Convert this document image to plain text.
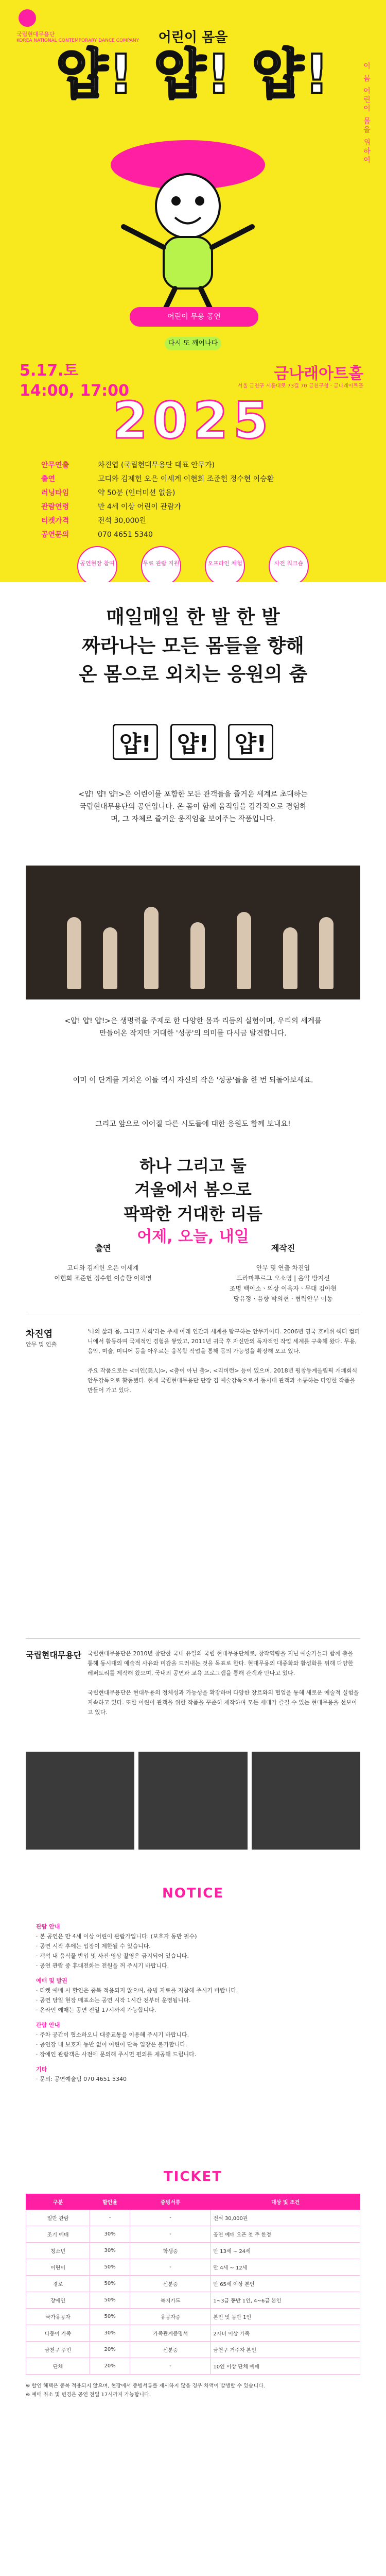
국립현대무용단
KOREA NATIONAL CONTEMPORARY DANCE COMPANY	어린이 몸을
얍! 얍! 얍!	이 봄 어린이 몸을 위하여
어린이 무용 공연
다시 또 깨어나다
5.17.토
14:00, 17:00
금나래아트홀
서울 금천구 시흥대로 73길 70 금천구청 · 금나래아트홀
2025
안무연출	차진엽 (국립현대무용단 대표 안무가)
출연	고디와 김제헌 오은 이세계 이현희 조준헌 정수현 이승환
러닝타임	약 50분 (인터미션 없음)
관람연령	만 4세 이상 어린이 관람가
티켓가격	전석 30,000원
공연문의	070 4651 5340
공연현장 참여	무료 관람 지원	오프라인 체험	사전 워크숍
매일매일 한 발 한 발
짜라나는 모든 몸들을 향해
온 몸으로 외치는 응원의 춤
얍! 얍! 얍!

<얍! 얍! 얍!>은 어린이를 포함한 모든 관객들을 즐거운 세계로 초대하는 국립현대무용단의 공연입니다. 온 몸이 함께 움직임을 감각적으로 경험하며, 그 자체로 즐거운 움직임을 보여주는 작품입니다.

<얍! 얍! 얍!>은 생명력을 주제로 한 다양한 몸과 리듬의 실험이며, 우리의 세계를 만들어온 작지만 거대한 '성공'의 의미를 다시금 발견합니다.

이미 이 단계를 거쳐온 이들 역시 자신의 작은 '성공'들을 한 번 되돌아보세요.

그리고 앞으로 이어질 다른 시도들에 대한 응원도 함께 보내요!

하나 그리고 둘
겨울에서 봄으로
팍팍한 거대한 리듬
어제, 오늘, 내일
출연

고디와 김제헌 오은 이세계
이현희 조준헌 정수현 이승환 이하영

제작진

안무 및 연출 차진엽
드라마투르그 오소영 | 음악 방지선
조명 백이소ㆍ의상 이옥자ㆍ무대 김아현
당유정ㆍ음향 박의현ㆍ협력안무 이동

차진엽
안무 및 연출
'나의 삶과 몸, 그리고 사회'라는 주제 아래 인간과 세계를 탐구하는 안무가이다. 2006년 영국 호페쉬 쉑터 컴퍼니에서 활동하며 국제적인 경험을 쌓았고, 2011년 귀국 후 자신만의 독자적인 작업 세계를 구축해 왔다. 무용, 음악, 미술, 미디어 등을 아우르는 융복합 작업을 통해 몸의 가능성을 확장해 오고 있다.

주요 작품으로는 <미인(美人)>, <춤이 아닌 춤>, <리버런> 등이 있으며, 2018년 평창동계올림픽 개폐회식 안무감독으로 활동했다. 현재 국립현대무용단 단장 겸 예술감독으로서 동시대 관객과 소통하는 다양한 작품을 만들어 가고 있다.
국립현대무용단 국립현대무용단은 2010년 창단한 국내 유일의 국립 현대무용단체로, 창작역량을 지닌 예술가들과 함께 춤을 통해 동시대의 예술적 사유와 미감을 드러내는 것을 목표로 한다. 현대무용의 대중화와 활성화를 위해 다양한 레퍼토리를 제작해 왔으며, 국내외 공연과 교육 프로그램을 통해 관객과 만나고 있다.

국립현대무용단은 현대무용의 정체성과 가능성을 확장하며 다양한 장르와의 협업을 통해 새로운 예술적 실험을 지속하고 있다. 또한 어린이 관객을 위한 작품을 꾸준히 제작하며 모든 세대가 즐길 수 있는 현대무용을 선보이고 있다.
NOTICE
관람 안내
· 본 공연은 만 4세 이상 어린이 관람가입니다. (보호자 동반 필수)
· 공연 시작 후에는 입장이 제한될 수 있습니다.
· 객석 내 음식물 반입 및 사진·영상 촬영은 금지되어 있습니다.
· 공연 관람 중 휴대전화는 전원을 꺼 주시기 바랍니다.
예매 및 발권
· 티켓 예매 시 할인은 중복 적용되지 않으며, 증빙 자료를 지참해 주시기 바랍니다.
· 공연 당일 현장 매표소는 공연 시작 1시간 전부터 운영됩니다.
· 온라인 예매는 공연 전일 17시까지 가능합니다.
관람 안내
· 주차 공간이 협소하오니 대중교통을 이용해 주시기 바랍니다.
· 공연장 내 보호자 동반 없이 어린이 단독 입장은 불가합니다.
· 장애인 관람객은 사전에 문의해 주시면 편의를 제공해 드립니다.
기타
· 문의: 공연예술팀 070 4651 5340
TICKET
구분	할인율	증빙서류	대상 및 조건
일반 관람	-	-	전석 30,000원
조기 예매	30%	-	공연 예매 오픈 첫 주 한정
청소년	30%	학생증	만 13세 ~ 24세
어린이	50%	-	만 4세 ~ 12세
경로	50%	신분증	만 65세 이상 본인
장애인	50%	복지카드	1~3급 동반 1인, 4~6급 본인
국가유공자	50%	유공자증	본인 및 동반 1인
다둥이 가족	30%	가족관계증명서	2자녀 이상 가족
금천구 주민	20%	신분증	금천구 거주자 본인
단체	20%	-	10인 이상 단체 예매
※ 할인 혜택은 중복 적용되지 않으며, 현장에서 증빙서류를 제시하지 않을 경우 차액이 발생할 수 있습니다.
※ 예매 취소 및 변경은 공연 전일 17시까지 가능합니다.
